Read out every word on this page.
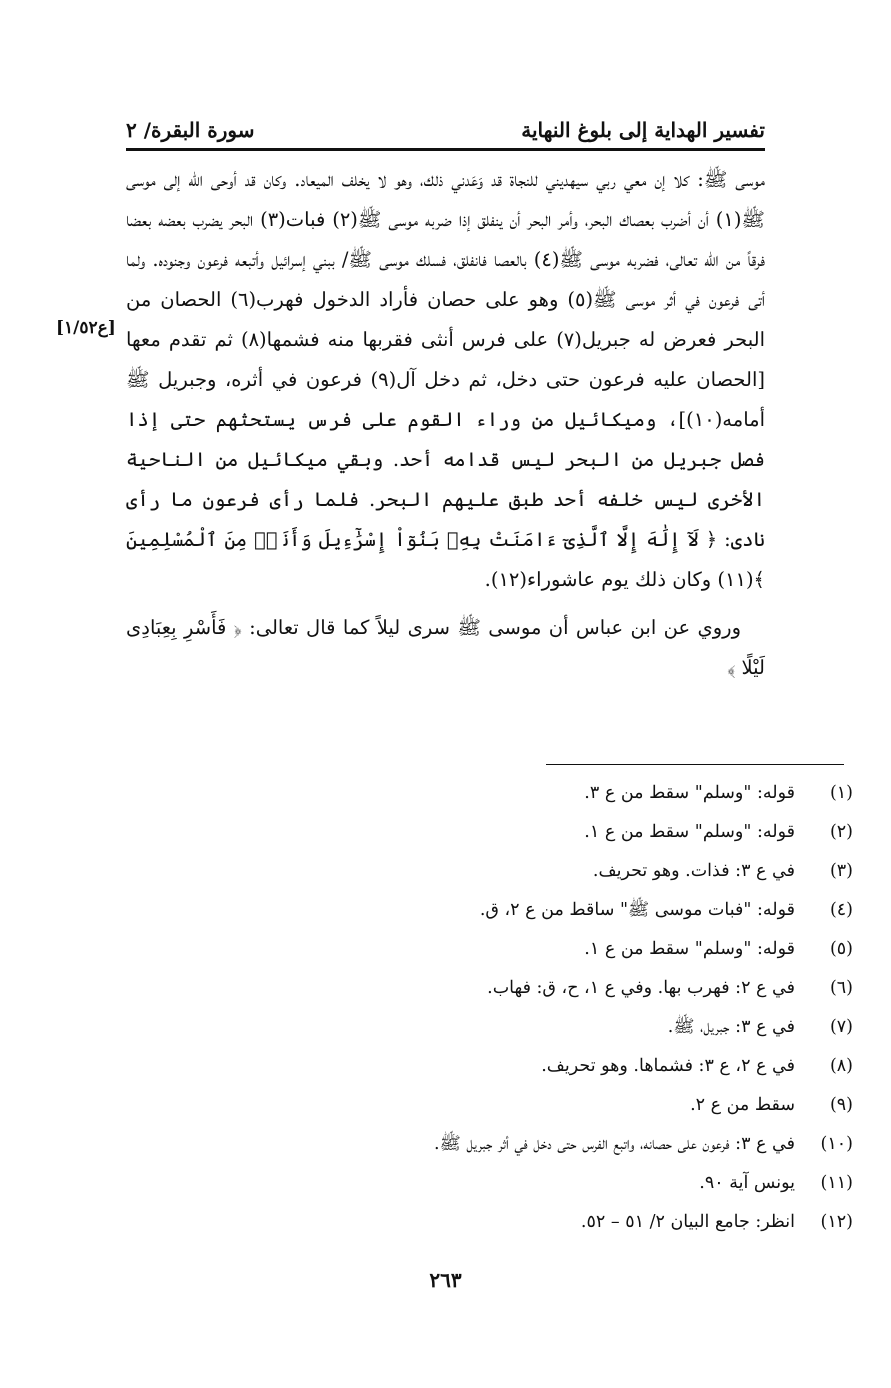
تفسير الهداية إلى بلوغ النهاية
سورة البقرة/ ٢
[ع١/٥٢]

موسى ﷺ: كلا إن معي ربي سيهديني للنجاة قد وَعَدني ذلك، وهو لا يخلف الميعاد. وكان قد أوحى الله إلى موسى ﷺ(١) أن أضرب بعصاك البحر، وأمر البحر أن ينفلق إذا ضربه موسى ﷺ(٢) فبات(٣) البحر يضرب بعضه بعضا فرقاً من الله تعالى، فضربه موسى ﷺ(٤) بالعصا فانفلق، فسلك موسى ﷺ/ ببني إسرائيل وأتبعه فرعون وجنوده. ولما أتى فرعون في أثر موسى ﷺ(٥) وهو على حصان فأراد الدخول فهرب(٦) الحصان من البحر فعرض له جبريل(٧) على فرس أنثى فقربها منه فشمها(٨) ثم تقدم معها [الحصان عليه فرعون حتى دخل، ثم دخل آل(٩) فرعون في أثره، وجبريل ﷺ أمامه(١٠)]، وميكائيل من وراء القوم على فرس يستحثهم حتى إذا فصل جبريل من البحر ليس قدامه أحد. وبقي ميكائيل من الناحية الأخرى ليس خلفه أحد طبق عليهم البحر. فلما رأى فرعون ما رأى نادى: ﴿ لَآ إِلَٰهَ إِلَّا ٱلَّذِىٓ ءَامَنَتْ بِهِۦ بَنُوٓاْ إِسْرَٰٓءِيلَ وَأَنَا۠ مِنَ ٱلْمُسْلِمِينَ ﴾(١١) وكان ذلك يوم عاشوراء(١٢).

وروي عن ابن عباس أن موسى ﷺ سرى ليلاً كما قال تعالى: ﴿ فَأَسْرِ بِعِبَادِى لَيْلًا ﴾

(١)
قوله: "وسلم" سقط من ع ٣.
(٢)
قوله: "وسلم" سقط من ع ١.
(٣)
في ع ٣: فذات. وهو تحريف.
(٤)
قوله: "فبات موسى ﷺ" ساقط من ع ٢، ق.
(٥)
قوله: "وسلم" سقط من ع ١.
(٦)
في ع ٢: فهرب بها. وفي ع ١، ح، ق: فهاب.
(٧)
في ع ٣: جبريل، ﷺ.
(٨)
في ع ٢، ع ٣: فشماها. وهو تحريف.
(٩)
سقط من ع ٢.
(١٠)
في ع ٣: فرعون على حصانه، واتبع الفرس حتى دخل في أثر جبريل ﷺ.
(١١)
يونس آية ٩٠.
(١٢)
انظر: جامع البيان ٢/ ٥١ – ٥٢.
٢٦٣
